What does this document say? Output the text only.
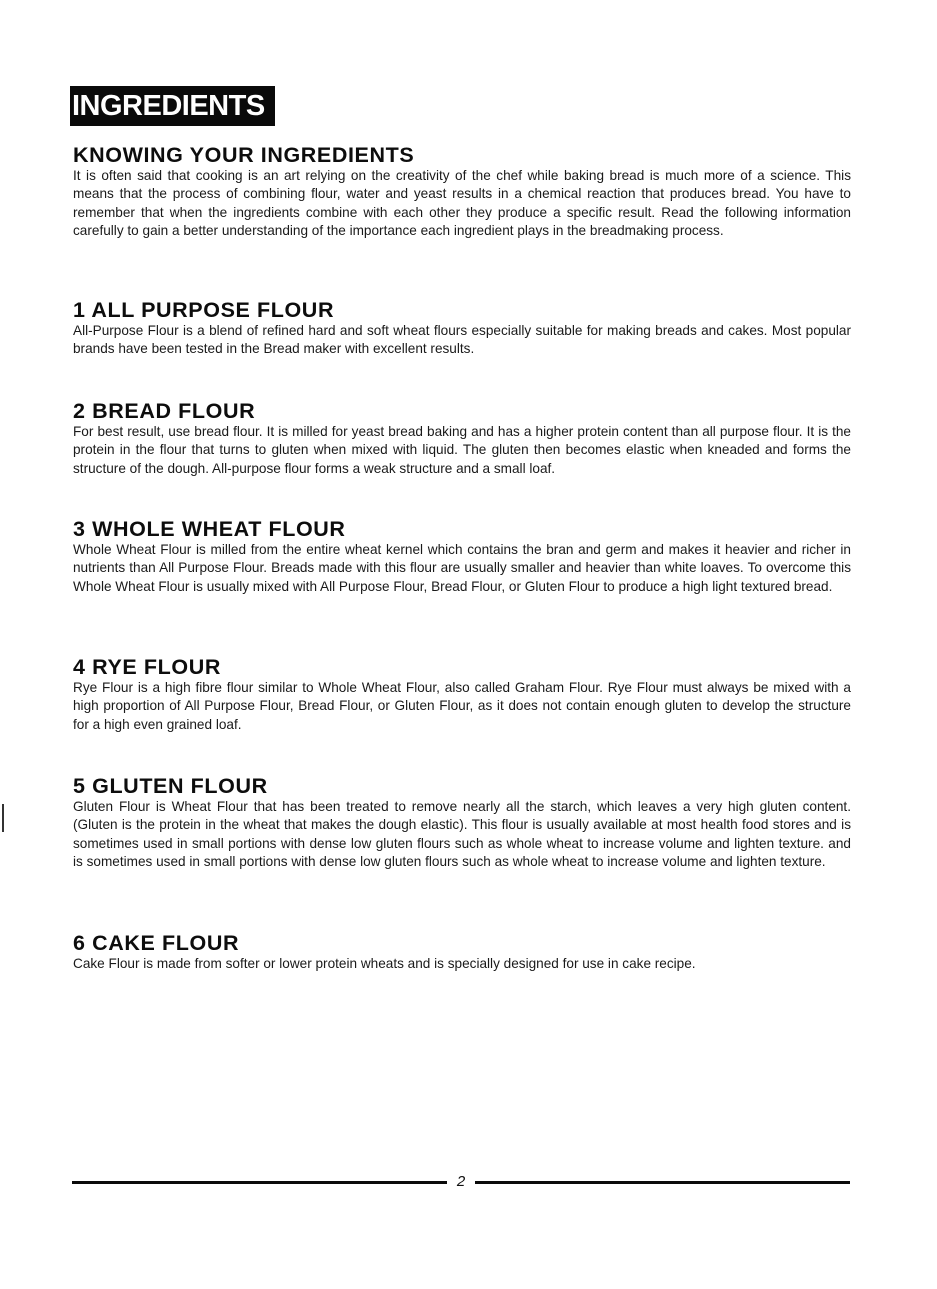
INGREDIENTS
KNOWING YOUR INGREDIENTS

It is often said that cooking is an art relying on the creativity of the chef while baking bread is much more of a science. This means that the process of combining flour, water and yeast results in a chemical reaction that produces bread. You have to remember that when the ingredients combine with each other they produce a specific result. Read the following information carefully to gain a better understanding of the importance each ingredient plays in the breadmaking process.

1 ALL PURPOSE FLOUR

All-Purpose Flour is a blend of refined hard and soft wheat flours especially suitable for making breads and cakes. Most popular brands have been tested in the Bread maker with excellent results.

2 BREAD FLOUR

For best result, use bread flour. It is milled for yeast bread baking and has a higher protein content than all purpose flour. It is the protein in the flour that turns to gluten when mixed with liquid. The gluten then becomes elastic when kneaded and forms the structure of the dough. All-purpose flour forms a weak structure and a small loaf.

3 WHOLE WHEAT FLOUR

Whole Wheat Flour is milled from the entire wheat kernel which contains the bran and germ and makes it heavier and richer in nutrients than All Purpose Flour. Breads made with this flour are usually smaller and heavier than white loaves. To overcome this Whole Wheat Flour is usually mixed with All Purpose Flour, Bread Flour, or Gluten Flour to produce a high light textured bread.

4 RYE FLOUR

Rye Flour is a high fibre flour similar to Whole Wheat Flour, also called Graham Flour. Rye Flour must always be mixed with a high proportion of All Purpose Flour, Bread Flour, or Gluten Flour, as it does not contain enough gluten to develop the structure for a high even grained loaf.

5 GLUTEN FLOUR

Gluten Flour is Wheat Flour that has been treated to remove nearly all the starch, which leaves a very high gluten content. (Gluten is the protein in the wheat that makes the dough elastic). This flour is usually available at most health food stores and is sometimes used in small portions with dense low gluten flours such as whole wheat to increase volume and lighten texture. and is sometimes used in small portions with dense low gluten flours such as whole wheat to increase volume and lighten texture.

6 CAKE FLOUR

Cake Flour is made from softer or lower protein wheats and is specially designed for use in cake recipe.

2
